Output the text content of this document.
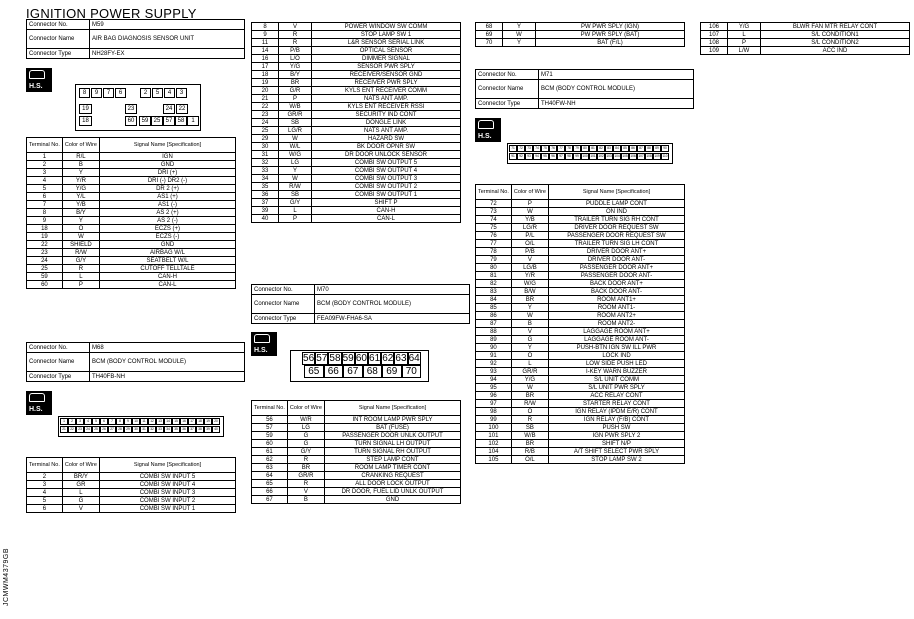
IGNITION POWER SUPPLY
JCMWM4379GB
Connector No.	M59
Connector Name	AIR BAG DIAGNOSIS SENSOR UNIT
Connector Type	NH28FY-EX
H.S.
8	9	7	6	2	5	4	3
19	23	24	22
18	60	59 25 57 58	1
Terminal No.	Color of Wire	Signal Name [Specification]
1	R/L	IGN
2	B	GND
3	Y	DRI (+)
4	Y/R	DRI (-) DR2 (-)
5	Y/G	DR 2 (+)
6	Y/L	AS1 (+)
7	Y/B	AS1 (-)
8	B/Y	AS 2 (+)
9	Y	AS 2 (-)
18	O	ECZS (+)
19	W	ECZS (-)
22	SHIELD	GND
23	R/W	AIRBAG W/L
24	G/Y	SEATBELT W/L
25	R	CUTOFF TELLTALE
59	L	CAN-H
60	P	CAN-L
Connector No.	M68
Connector Name	BCM (BODY CONTROL MODULE)
Connector Type	TH40FB-NH
H.S.
1	2	3	4	5	6	7	8	9	10	11	12	13	14	15	16	17	18	19	20
21	22	23	24	25	26	27	28	29	30	31	32	33	34	35	36	37	38	39	40
Terminal No.	Color of Wire	Signal Name [Specification]
2	BR/Y	COMBI SW INPUT 5
3	GR	COMBI SW INPUT 4
4	L	COMBI SW INPUT 3
5	G	COMBI SW INPUT 2
6	V	COMBI SW INPUT 1
8	V	POWER WINDOW SW COMM
9	R	STOP LAMP SW 1
11	R	L&R SENSOR SERIAL LINK
14	P/B	OPTICAL SENSOR
16	L/O	DIMMER SIGNAL
17	Y/G	SENSOR PWR SPLY
18	B/Y	RECEIVER/SENSOR GND
19	BR	RECEIVER PWR SPLY
20	G/R	KYLS ENT RECEIVER COMM
21	P	NATS ANT AMP.
22	W/B	KYLS ENT RECEIVER RSSI
23	GR/R	SECURITY IND CONT
24	SB	DONGLE LINK
25	LG/R	NATS ANT AMP.
29	W	HAZARD SW
30	W/L	BK DOOR OPNR SW
31	W/G	DR DOOR UNLOCK SENSOR
32	LG	COMBI SW OUTPUT 5
33	Y	COMBI SW OUTPUT 4
34	W	COMBI SW OUTPUT 3
35	R/W	COMBI SW OUTPUT 2
36	SB	COMBI SW OUTPUT 1
37	G/Y	SHIFT P
39	L	CAN-H
40	P	CAN-L
Connector No.	M70
Connector Name	BCM (BODY CONTROL MODULE)
Connector Type	FEA09FW-FHA6-SA
H.S.
56 57 58 59 60 61 62 63 64
65 66 67 68 69 70
Terminal No.	Color of Wire	Signal Name [Specification]
56	W/R	INT ROOM LAMP PWR SPLY
57	LG	BAT (FUSE)
59	G	PASSENGER DOOR UNLK OUTPUT
60	G	TURN SIGNAL LH OUTPUT
61	G/Y	TURN SIGNAL RH OUTPUT
62	R	STEP LAMP CONT
63	BR	ROOM LAMP TIMER CONT
64	GR/R	CRANKING REQUEST
65	R	ALL DOOR LOCK OUTPUT
66	V	DR DOOR, FUEL LID UNLK OUTPUT
67	B	GND
68	Y	PW PWR SPLY (IGN)
69	W	PW PWR SPLY (BAT)
70	Y	BAT (F/L)
Connector No.	M71
Connector Name	BCM (BODY CONTROL MODULE)
Connector Type	TH40FW-NH
H.S.
71	72	73	74	75	76	77	78	79	80	81	82	83	84	85	86	87	88	89	90
91	92	93	94	95	96	97	98	99	100 101 102 103 104 105 106 107 108 109 110
Terminal No.	Color of Wire	Signal Name [Specification]
72	P	PUDDLE LAMP CONT
73	W	ON IND
74	Y/B	TRAILER TURN SIG RH CONT
75	LG/R	DRIVER DOOR REQUEST SW
76	P/L	PASSENGER DOOR REQUEST SW
77	O/L	TRAILER TURN SIG LH CONT
78	P/B	DRIVER DOOR ANT+
79	V	DRIVER DOOR ANT-
80	LG/B	PASSENGER DOOR ANT+
81	Y/R	PASSENGER DOOR ANT-
82	W/G	BACK DOOR ANT+
83	B/W	BACK DOOR ANT-
84	BR	ROOM ANT1+
85	Y	ROOM ANT1-
86	W	ROOM ANT2+
87	B	ROOM ANT2-
88	V	LAGGAGE ROOM ANT+
89	G	LAGGAGE ROOM ANT-
90	Y	PUSH-BTN IGN SW ILL PWR
91	O	LOCK IND
92	L	LOW SIDE PUSH LED
93	GR/R	I-KEY WARN BUZZER
94	Y/G	S/L UNIT COMM
95	W	S/L UNIT PWR SPLY
96	BR	ACC RELAY CONT
97	R/W	STARTER RELAY CONT
98	O	IGN RELAY (IPDM E/R) CONT
99	R	IGN RELAY (F/B) CONT
100	SB	PUSH SW
101	W/B	IGN PWR SPLY 2
102	BR	SHIFT N/P
104	R/B	A/T SHIFT SELECT PWR SPLY
105	O/L	STOP LAMP SW 2
106	Y/G	BLWR FAN MTR RELAY CONT
107	L	S/L CONDITION1
108	P	S/L CONDITION2
109	L/W	ACC IND
